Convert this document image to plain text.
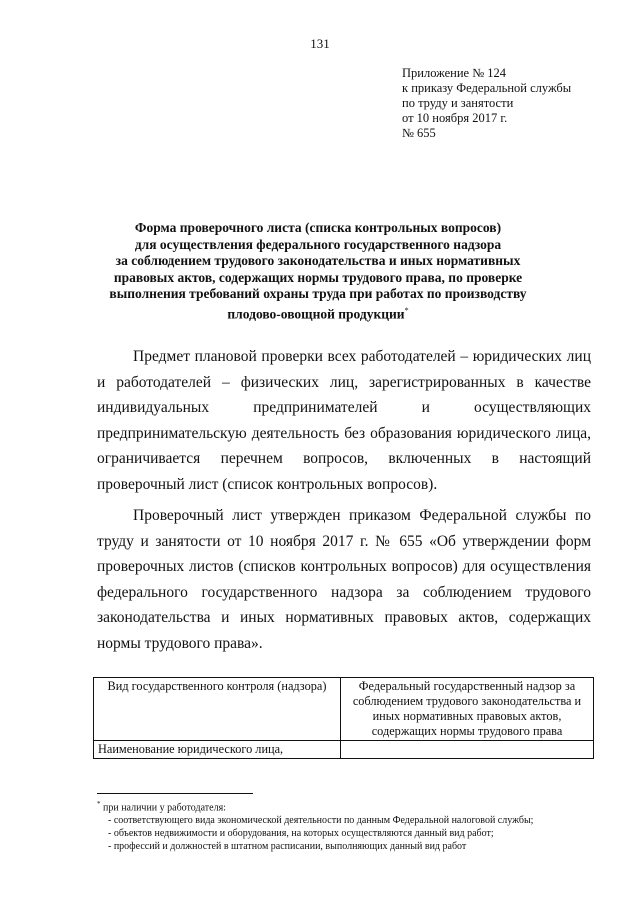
131
Приложение № 124
к приказу Федеральной службы
по труду и занятости
от 10 ноября 2017 г.
№ 655
Форма проверочного листа (списка контрольных вопросов)
для осуществления федерального государственного надзора
за соблюдением трудового законодательства и иных нормативных
правовых актов, содержащих нормы трудового права, по проверке
выполнения требований охраны труда при работах по производству
плодово-овощной продукции*

Предмет плановой проверки всех работодателей – юридических лиц и работодателей – физических лиц, зарегистрированных в качестве индивидуальных предпринимателей и осуществляющих предпринимательскую деятельность без образования юридического лица, ограничивается перечнем вопросов, включенных в настоящий проверочный лист (список контрольных вопросов).

Проверочный лист утвержден приказом Федеральной службы по труду и занятости от 10 ноября 2017 г. № 655 «Об утверждении форм проверочных листов (списков контрольных вопросов) для осуществления федерального государственного надзора за соблюдением трудового законодательства и иных нормативных правовых актов, содержащих нормы трудового права».

Вид государственного контроля (надзора)	Федеральный государственный надзор за соблюдением трудового законодательства и иных нормативных правовых актов, содержащих нормы трудового права
Наименование юридического лица,	
* при наличии у работодателя:
- соответствующего вида экономической деятельности по данным Федеральной налоговой службы;
- объектов недвижимости и оборудования, на которых осуществляются данный вид работ;
- профессий и должностей в штатном расписании, выполняющих данный вид работ
